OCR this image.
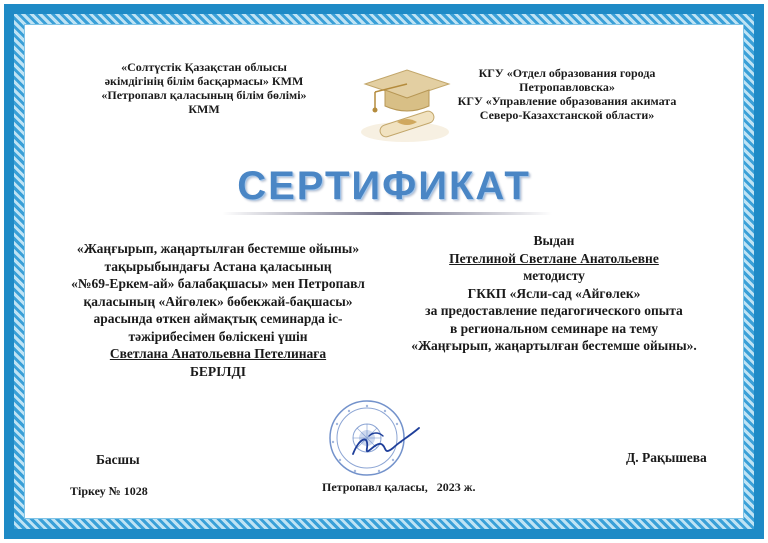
«Солтүстік Қазақстан облысы
әкімдігінің білім басқармасы» КММ
«Петропавл қаласының білім бөлімі» КММ
КГУ «Отдел образования города Петропавловска»
КГУ «Управление образования акимата
Северо-Казахстанской области»
СЕРТИФИКАТ
«Жаңғырып, жаңартылған бестемше ойыны»
тақырыбындағы Астана қаласының
«№69-Еркем-ай» балабақшасы» мен Петропавл
қаласының «Айгөлек» бөбекжай-бақшасы»
арасында өткен аймақтық семинарда іс-
тәжірибесімен бөлiскені үшін
Светлана Анатольевна Петелинаға
БЕРІЛДІ
Выдан
Петелиной Светлане Анатольевне
методисту
ГККП «Ясли-сад «Айгөлек»
за предоставление педагогического опыта
в региональном семинаре на тему
«Жаңғырып, жаңартылған бестемше ойыны».
Басшы	Д. Рақышева
Тіркеу № 1028	Петропавл қаласы,   2023 ж.
